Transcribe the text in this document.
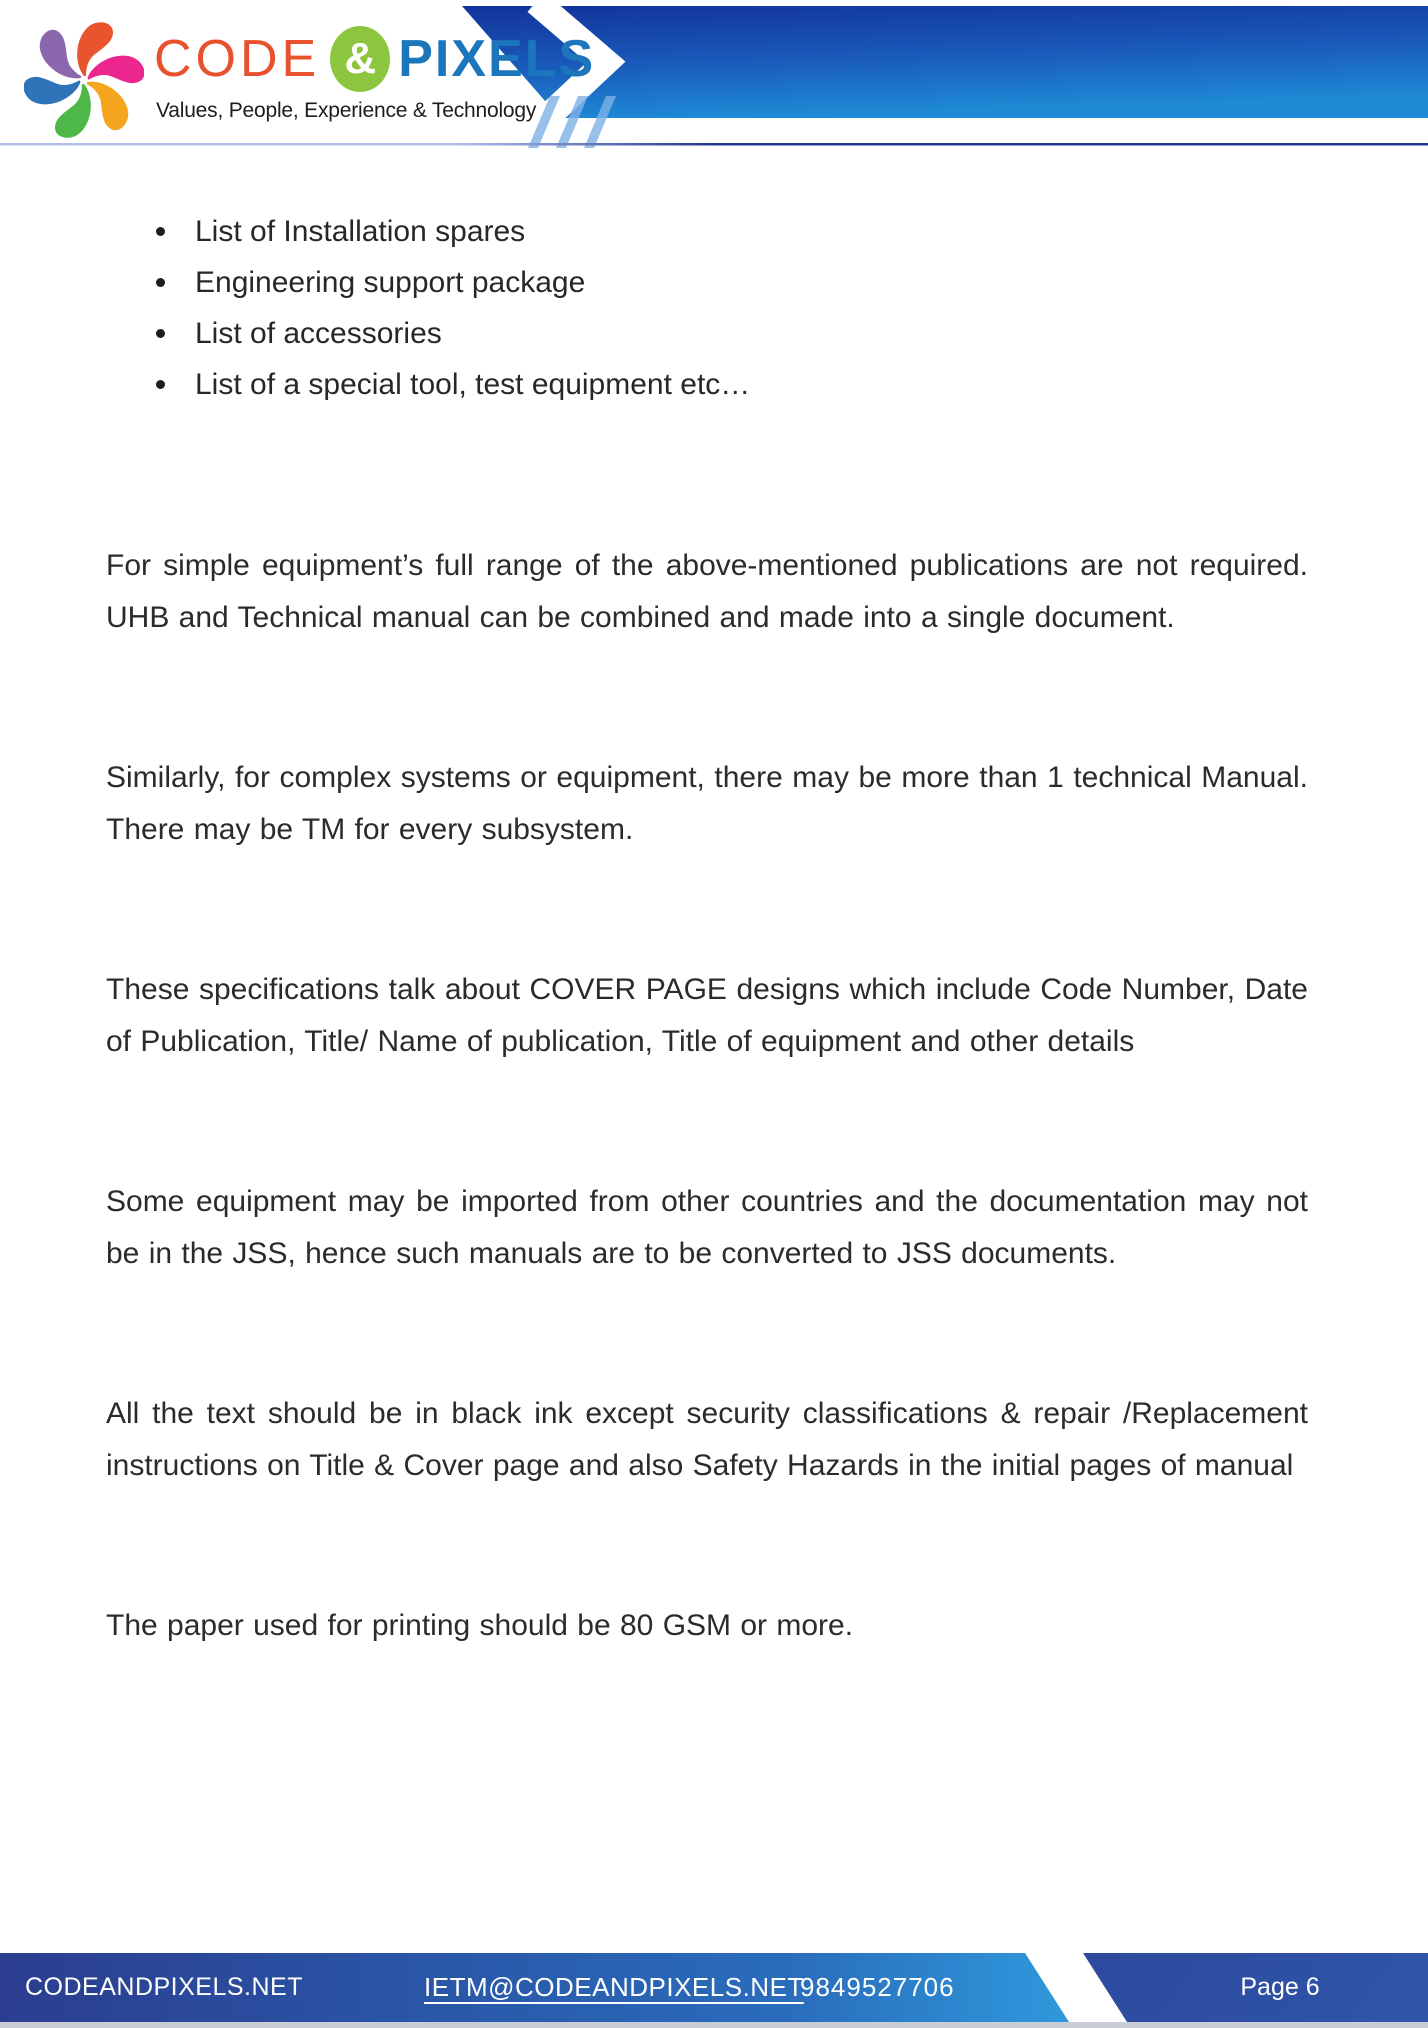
CODE & PIXELS
Values, People, Experience & Technology
List of Installation spares
Engineering support package
List of accessories
List of a special tool, test equipment etc…

For simple equipment’s full range of the above-mentioned publications are not required. UHB and Technical manual can be combined and made into a single document.

Similarly, for complex systems or equipment, there may be more than 1 technical Manual. There may be TM for every subsystem.

These specifications talk about COVER PAGE designs which include Code Number, Date of Publication, Title/ Name of publication, Title of equipment and other details

Some equipment may be imported from other countries and the documentation may not be in the JSS, hence such manuals are to be converted to JSS documents.

All the text should be in black ink except security classifications & repair /Replacement instructions on Title & Cover page and also Safety Hazards in the initial pages of manual

The paper used for printing should be 80 GSM or more.

CODEANDPIXELS.NET	IETM@CODEANDPIXELS.NET
9849527706	Page 6
